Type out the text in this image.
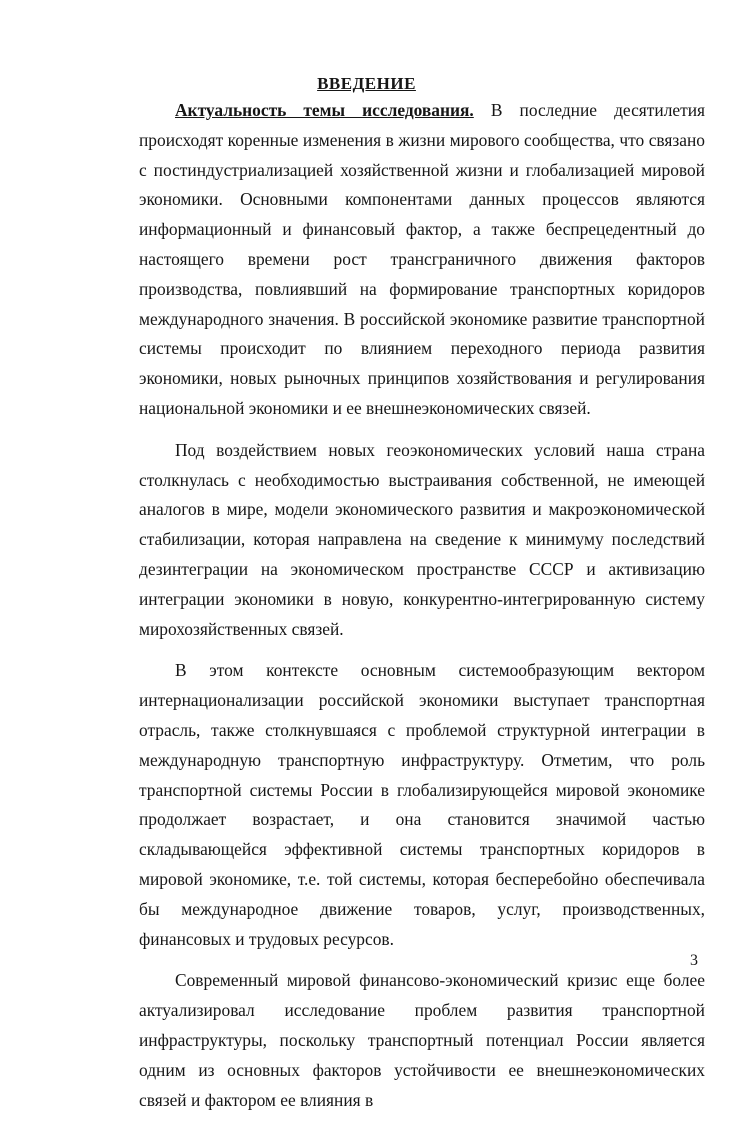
ВВЕДЕНИЕ

Актуальность темы исследования. В последние десятилетия происходят коренные изменения в жизни мирового сообщества, что связано с постиндустриализацией хозяйственной жизни и глобализацией мировой экономики. Основными компонентами данных процессов являются информационный и финансовый фактор, а также беспрецедентный до настоящего времени рост трансграничного движения факторов производства, повлиявший на формирование транспортных коридоров международного значения. В российской экономике развитие транспортной системы происходит по влиянием переходного периода развития экономики, новых рыночных принципов хозяйствования и регулирования национальной экономики и ее внешнеэкономических связей.

Под воздействием новых геоэкономических условий наша страна столкнулась с необходимостью выстраивания собственной, не имеющей аналогов в мире, модели экономического развития и макроэкономической стабилизации, которая направлена на сведение к минимуму последствий дезинтеграции на экономическом пространстве СССР и активизацию интеграции экономики в новую, конкурентно-интегрированную систему мирохозяйственных связей.

В этом контексте основным системообразующим вектором интернационализации российской экономики выступает транспортная отрасль, также столкнувшаяся с проблемой структурной интеграции в международную транспортную инфраструктуру. Отметим, что роль транспортной системы России в глобализирующейся мировой экономике продолжает возрастает, и она становится значимой частью складывающейся эффективной системы транспортных коридоров в мировой экономике, т.е. той системы, которая бесперебойно обеспечивала бы международное движение товаров, услуг, производственных, финансовых и трудовых ресурсов.

Современный мировой финансово-экономический кризис еще более актуализировал исследование проблем развития транспортной инфраструктуры, поскольку транспортный потенциал России является одним из основных факторов устойчивости ее внешнеэкономических связей и фактором ее влияния в

3
